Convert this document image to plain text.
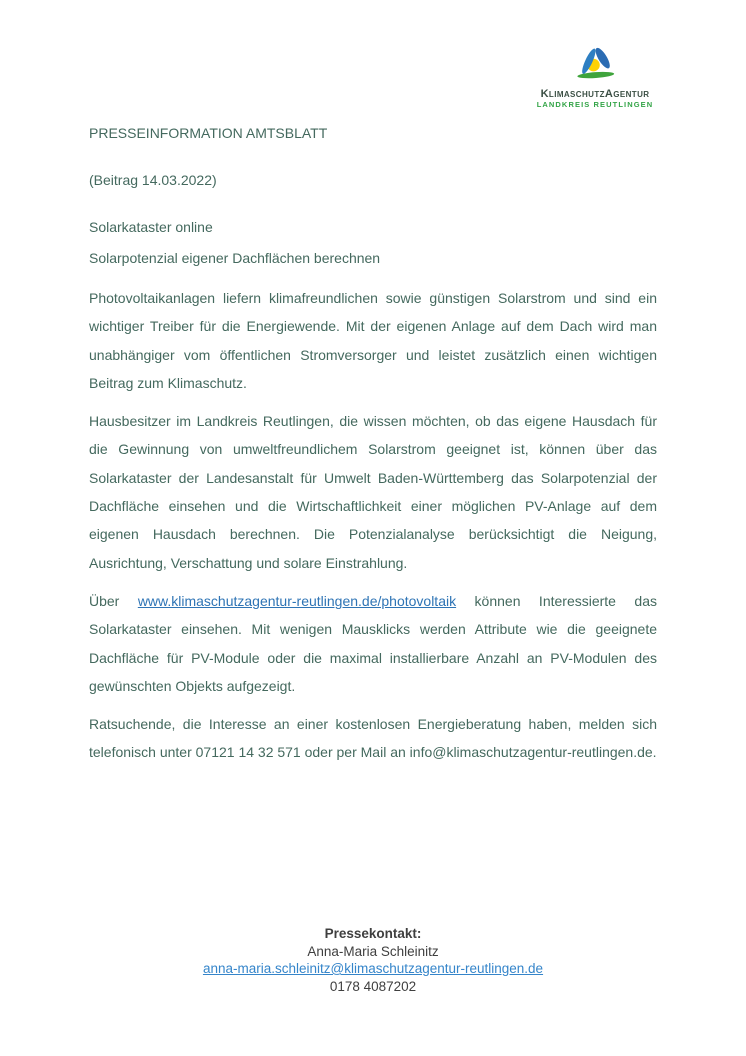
KlimaschutzAgentur
LANDKREIS REUTLINGEN

PRESSEINFORMATION AMTSBLATT

(Beitrag 14.03.2022)

Solarkataster online

Solarpotenzial eigener Dachflächen berechnen

Photovoltaikanlagen liefern klimafreundlichen sowie günstigen Solarstrom und sind ein wichtiger Treiber für die Energiewende. Mit der eigenen Anlage auf dem Dach wird man unabhängiger vom öffentlichen Stromversorger und leistet zusätzlich einen wichtigen Beitrag zum Klimaschutz.

Hausbesitzer im Landkreis Reutlingen, die wissen möchten, ob das eigene Hausdach für die Gewinnung von umweltfreundlichem Solarstrom geeignet ist, können über das Solarkataster der Landesanstalt für Umwelt Baden-Württemberg das Solarpotenzial der Dachfläche einsehen und die Wirtschaftlichkeit einer möglichen PV-Anlage auf dem eigenen Hausdach berechnen. Die Potenzialanalyse berücksichtigt die Neigung, Ausrichtung, Verschattung und solare Einstrahlung.

Über www.klimaschutzagentur-reutlingen.de/photovoltaik können Interessierte das Solarkataster einsehen. Mit wenigen Mausklicks werden Attribute wie die geeignete Dachfläche für PV-Module oder die maximal installierbare Anzahl an PV-Modulen des gewünschten Objekts aufgezeigt.

Ratsuchende, die Interesse an einer kostenlosen Energieberatung haben, melden sich telefonisch unter 07121 14 32 571 oder per Mail an info@klimaschutzagentur-reutlingen.de.

Pressekontakt:
Anna-Maria Schleinitz
anna-maria.schleinitz@klimaschutzagentur-reutlingen.de
0178 4087202
